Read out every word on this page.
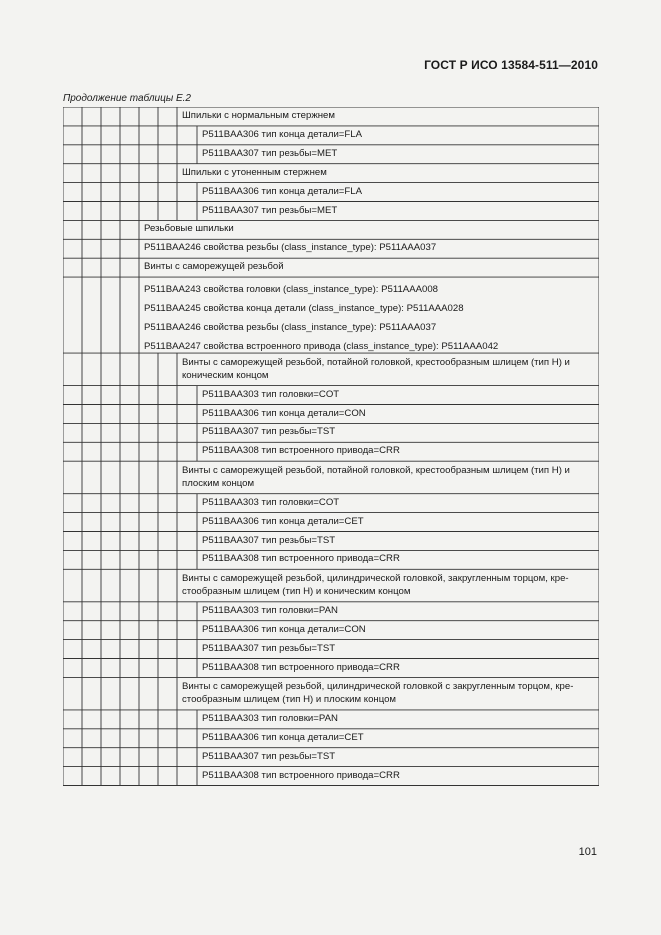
ГОСТ Р ИСО 13584-511—2010
Продолжение таблицы Е.2
Шпильки с нормальным стержнем
P511BAA306 тип конца детали=FLA
P511BAA307 тип резьбы=MET
Шпильки с утоненным стержнем
P511BAA306 тип конца детали=FLA
P511BAA307 тип резьбы=MET
Резьбовые шпильки
P511BAA246 свойства резьбы (class_instance_type): P511AAA037
Винты с саморежущей резьбой
P511BAA243 свойства головки (class_instance_type): P511AAA008
P511BAA245 свойства конца детали (class_instance_type): P511AAA028
P511BAA246 свойства резьбы (class_instance_type): P511AAA037
P511BAA247 свойства встроенного привода (class_instance_type): P511AAA042
Винты с саморежущей резьбой, потайной головкой, крестообразным шлицем (тип H) и
коническим концом
P511BAA303 тип головки=COT
P511BAA306 тип конца детали=CON
P511BAA307 тип резьбы=TST
P511BAA308 тип встроенного привода=CRR
Винты с саморежущей резьбой, потайной головкой, крестообразным шлицем (тип H) и
плоским концом
P511BAA303 тип головки=COT
P511BAA306 тип конца детали=CET
P511BAA307 тип резьбы=TST
P511BAA308 тип встроенного привода=CRR
Винты с саморежущей резьбой, цилиндрической головкой, закругленным торцом, кре-
стообразным шлицем (тип H) и коническим концом
P511BAA303 тип головки=PAN
P511BAA306 тип конца детали=CON
P511BAA307 тип резьбы=TST
P511BAA308 тип встроенного привода=CRR
Винты с саморежущей резьбой, цилиндрической головкой с закругленным торцом, кре-
стообразным шлицем (тип H) и плоским концом
P511BAA303 тип головки=PAN
P511BAA306 тип конца детали=CET
P511BAA307 тип резьбы=TST
P511BAA308 тип встроенного привода=CRR
101
